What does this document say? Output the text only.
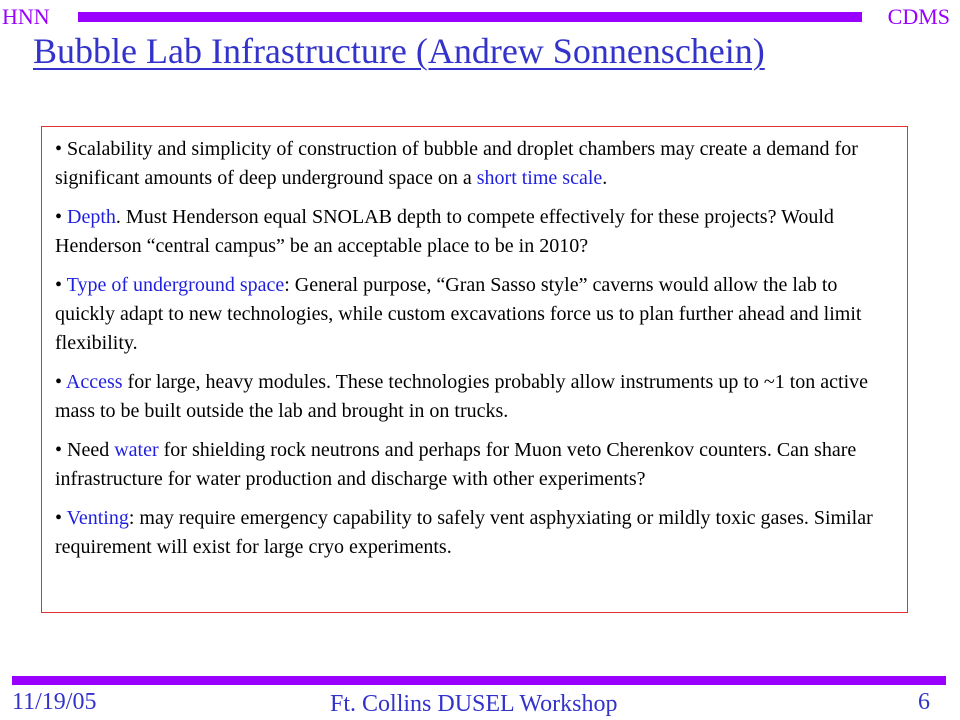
HNN	CDMS
Bubble Lab Infrastructure (Andrew Sonnenschein)
• Scalability and simplicity of construction of bubble and droplet chambers may create a demand for significant amounts of deep underground space on a short time scale.
• Depth. Must Henderson equal SNOLAB depth to compete effectively for these projects? Would Henderson “central campus” be an acceptable place to be in 2010?
• Type of underground space: General purpose, “Gran Sasso style” caverns would allow the lab to quickly adapt to new technologies, while custom excavations force us to plan further ahead and limit flexibility.
• Access for large, heavy modules. These technologies probably allow instruments up to ~1 ton active mass to be built outside the lab and brought in on trucks.
• Need water for shielding rock neutrons and perhaps for Muon veto Cherenkov counters. Can share infrastructure for water production and discharge with other experiments?
• Venting: may require emergency capability to safely vent asphyxiating or mildly toxic gases. Similar requirement will exist for large cryo experiments.
11/19/05	Ft. Collins DUSEL Workshop	6
